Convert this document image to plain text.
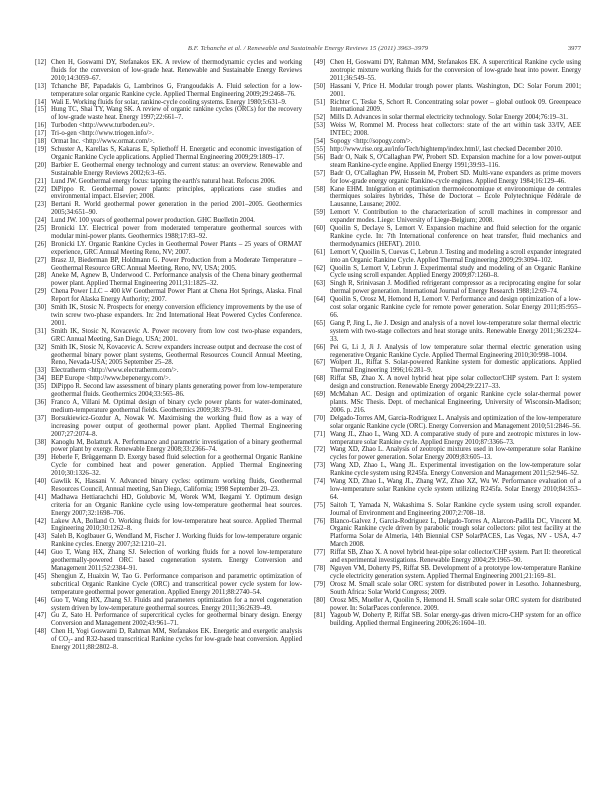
B.F. Tchanche et al. / Renewable and Sustainable Energy Reviews 15 (2011) 3963–3979	3977
[12] Chen H, Goswami DY, Stefanakos EK. A review of thermodynamic cycles and working fluids for the conversion of low-grade heat. Renewable and Sustainable Energy Reviews 2010;14:3059–67.
[13] Tchanche BF, Papadakis G, Lambrinos G, Frangoudakis A. Fluid selection for a low-temperature solar organic Rankine cycle. Applied Thermal Engineering 2009;29:2468–76.
[14] Wali E. Working fluids for solar, rankine-cycle cooling systems. Energy 1980;5:631–9.
[15] Hung TC, Shai TY, Wang SK. A review of organic rankine cycles (ORCs) for the recovery of low-grade waste heat. Energy 1997;22:661–7.
[16] Turboden <http://www.turboden.eu/>.
[17] Tri-o-gen <http://www.triogen.info/>.
[18] Ormat Inc. <http://www.ormat.com/>.
[19] Schuster A, Karellas S, Kakaras E, Spliethoff H. Energetic and economic investigation of Organic Rankine Cycle applications. Applied Thermal Engineering 2009;29:1809–17.
[20] Barbier E. Geothermal energy technology and current status: an overview. Renewable and Sustainable Energy Reviews 2002;6:3–65.
[21] Lund JW. Geothermal energy focus: tapping the earth's natural heat. Refocus 2006.
[22] DiPippo R. Geothermal power plants: principles, applications case studies and environmental impact. Elsevier; 2008.
[23] Bertani R. World geothermal power generation in the period 2001–2005. Geothermics 2005;34:651–90.
[24] Lund JW. 100 years of geothermal power production. GHC Buelletin 2004.
[25] Bronicki LY. Electrical power from moderated temperature geothermal sources with modular mini-power plants. Geothermics 1988;17:83–92.
[26] Bronicki LY. Organic Rankine Cycles in Geothermal Power Plants – 25 years of ORMAT experience, GRC Annual Meeting Reno, NV; 2007.
[27] Brasz JJ, Biederman BP, Holdmann G. Power Production from a Moderate Temperature – Geothermal Resource GRC Annual Meeting, Reno, NV, USA; 2005.
[28] Aneke M, Agnew B, Underwood C. Performance analysis of the Chena binary geothermal power plant. Applied Thermal Engineering 2011;31:1825–32.
[29] Chena Power LLC – 400 kW Geothermal Power Plant at Chena Hot Springs, Alaska. Final Report for Alaska Energy Authority; 2007.
[30] Smith IK, Stosic N. Prospects for energy conversion efficiency improvements by the use of twin screw two-phase expanders. In: 2nd International Heat Powered Cycles Conference. 2001.
[31] Smith IK, Stosic N, Kovacevic A. Power recovery from low cost two-phase expanders, GRC Annual Meeting, San Diego, USA; 2001.
[32] Smith IK, Stosic N, Kovacevic A. Screw expanders increase output and decrease the cost of geothermal binary power plant systems, Geothermal Resources Council Annual Meeting, Reno, Nevada-USA; 2005 September 25–28.
[33] Electratherm <http://www.electratherm.com/>.
[34] BEP Europe <http://www.bepenergy.com/>.
[35] DiPippo R. Second law assessment of binary plants generating power from low-temperature geothermal fluids. Geothermics 2004;33:565–86.
[36] Franco A, Villani M. Optimal design of binary cycle power plants for water-dominated, medium-temperature geothermal fields. Geothermics 2009;38:379–91.
[37] Borsukiewicz-Gozdur A, Nowak W. Maximising the working fluid flow as a way of increasing power output of geothermal power plant. Applied Thermal Engineering 2007;27:2074–8.
[38] Kanoglu M, Bolatturk A. Performance and parametric investigation of a binary geothermal power plant by exergy. Renewable Energy 2008;33:2366–74.
[39] Heberle F, Brüggemann D. Exergy based fluid selection for a geothermal Organic Rankine Cycle for combined heat and power generation. Applied Thermal Engineering 2010;30:1326–32.
[40] Gawlik K, Hassani V. Advanced binary cycles: optimum working fluids, Geothermal Resources Council, Annual meeting, San Diego, California; 1998 September 20–23.
[41] Madhawa Hettiarachchi HD, Golubovic M, Worek WM, Ikegami Y. Optimum design criteria for an Organic Rankine cycle using low-temperature geothermal heat sources. Energy 2007;32:1698–706.
[42] Lakew AA, Bolland O. Working fluids for low-temperature heat source. Applied Thermal Engineering 2010;30:1262–8.
[43] Saleh B, Koglbauer G, Wendland M, Fischer J. Working fluids for low-temperature organic Rankine cycles. Energy 2007;32:1210–21.
[44] Guo T, Wang HX, Zhang SJ. Selection of working fluids for a novel low-temperature geothermally-powered ORC based cogeneration system. Energy Conversion and Management 2011;52:2384–91.
[45] Shengjun Z, Huaixin W, Tao G. Performance comparison and parametric optimization of subcritical Organic Rankine Cycle (ORC) and transcritical power cycle system for low-temperature geothermal power generation. Applied Energy 2011;88:2740–54.
[46] Guo T, Wang HX, Zhang SJ. Fluids and parameters optimization for a novel cogeneration system driven by low-temperature geothermal sources. Energy 2011;36:2639–49.
[47] Gu Z, Sato H. Performance of supercritical cycles for geothermal binary design. Energy Conversion and Management 2002;43:961–71.
[48] Chen H, Yogi Goswami D, Rahman MM, Stefanakos EK. Energetic and exergetic analysis of CO₂- and R32-based transcritical Rankine cycles for low-grade heat conversion. Applied Energy 2011;88:2802–8.
[49] Chen H, Goswami DY, Rahman MM, Stefanakos EK. A supercritical Rankine cycle using zeotropic mixture working fluids for the conversion of low-grade heat into power. Energy 2011;36:549–55.
[50] Hassani V, Price H. Modular trough power plants. Washington, DC: Solar Forum 2001; 2001.
[51] Richter C, Teske S, Schort R. Concentrating solar power – global outlook 09. Greenpeace International 2009.
[52] Mills D. Advances in solar thermal electricity technology. Solar Energy 2004;76:19–31.
[53] Weiss W, Rommel M. Process heat collectors: state of the art within task 33/IV, AEE INTEC; 2008.
[54] Sopogy <http://sopogy.com/>.
[55] http://www.rise.org.au/info/Tech/hightemp/index.html/, last checked December 2010.
[56] Badr O, Naik S, O'Callaghan PW, Probert SD. Expansion machine for a low power-output steam Rankine-cycle engine. Applied Energy 1991;39:93–116.
[57] Badr O, O'Callaghan PW, Hussein M, Probert SD. Multi-vane expanders as prime movers for low-grade energy organic Rankine-cycle engines. Applied Energy 1984;16:129–46.
[58] Kane EHM. Intégration et optimisation thermoéconomique et environomique de centrales thermiques solaires hybrides, Thèse de Doctorat – Ecole Polytechnique Fédérale de Lausanne, Lausane; 2002.
[59] Lemort V. Contribution to the characterization of scroll machines in compressor and expander modes. Liege: University of Liege-Belgium; 2008.
[60] Quoilin S, Declaye S, Lemort V. Expansion machine and fluid selection for the organic Rankine cycle. In: 7th International conference on heat transfer, fluid mechanics and thermodynamics (HEFAT). 2010.
[61] Lemort V, Quoilin S, Cuevas C, Lebrun J. Testing and modeling a scroll expander integrated into an Organic Rankine Cycle. Applied Thermal Engineering 2009;29:3094–102.
[62] Quoilin S, Lemort V, Lebrun J. Experimental study and modeling of an Organic Rankine Cycle using scroll expander. Applied Energy 2009;87:1260–8.
[63] Singh R, Srinivasan J. Modified refrigerant compressor as a reciprocating engine for solar thermal power generation. International Journal of Energy Research 1988;12:69–74.
[64] Quoilin S, Orosz M, Hemond H, Lemort V. Performance and design optimization of a low-cost solar organic Rankine cycle for remote power generation. Solar Energy 2011;85:955–66.
[65] Gang P, Jing L, Jie J. Design and analysis of a novel low-temperature solar thermal electric system with two-stage collectors and heat storage units. Renewable Energy 2011;36:2324–33.
[66] Pei G, Li J, Ji J. Analysis of low temperature solar thermal electric generation using regenerative Organic Rankine Cycle. Applied Thermal Engineering 2010;30:998–1004.
[67] Wolpert JL, Riffat S. Solar-powered Rankine system for domestic applications. Applied Thermal Engineering 1996;16:281–9.
[68] Riffat SB, Zhao X. A novel hybrid heat pipe solar collector/CHP system. Part I: system design and construction. Renewable Energy 2004;29:2217–33.
[69] McMahan AC. Design and optimization of organic Rankine cycle solar-thermal power plants. MSc Thesis. Dept. of mechanical Engineering, University of Wisconsin-Madison; 2006. p. 216.
[70] Delgado-Torres AM, Garcia-Rodriguez L. Analysis and optimization of the low-temperature solar organic Rankine cycle (ORC). Energy Conversion and Management 2010;51:2846–56.
[71] Wang JL, Zhao L, Wang XD. A comparative study of pure and zeotropic mixtures in low-temperature solar Rankine cycle. Applied Energy 2010;87:3366–73.
[72] Wang XD, Zhao L. Analysis of zeotropic mixtures used in low-temperature solar Rankine cycles for power generation. Solar Energy 2009;83:605–13.
[73] Wang XD, Zhao L, Wang JL. Experimental investigation on the low-temperature solar Rankine cycle system using R245fa. Energy Conversion and Management 2011;52:946–52.
[74] Wang XD, Zhao L, Wang JL, Zhang WZ, Zhao XZ, Wu W. Performance evaluation of a low-temperature solar Rankine cycle system utilizing R245fa. Solar Energy 2010;84:353–64.
[75] Saitoh T, Yamada N, Wakashima S. Solar Rankine cycle system using scroll expander. Journal of Environment and Engineering 2007;2:708–18.
[76] Blanco-Galvez J, Garcia-Rodriguez L, Delgado-Torres A, Alarcon-Padilla DC, Vincent M. Organic Rankine cycle driven by parabolic trough solar collectors: pilot test facility at the Platforma Solar de Almeria, 14th Biennial CSP SolarPACES, Las Vegas, NV - USA, 4-7 March 2008.
[77] Riffat SB, Zhao X. A novel hybrid heat-pipe solar collector/CHP system. Part II: theoretical and experimental investigations. Renewable Energy 2004;29:1965–90.
[78] Nguyen VM, Doherty PS, Riffat SB. Development of a prototype low-temperature Rankine cycle electricity generation system. Applied Thermal Engineering 2001;21:169–81.
[79] Orosz M. Small scale solar ORC system for distributed power in Lesotho. Johannesburg, South Africa: Solar World Congress; 2009.
[80] Orosz MS, Mueller A, Quoilin S, Hemond H. Small scale solar ORC system for distributed power. In: SolarPaces conference. 2009.
[81] Yagoub W, Doherty P, Riffat SB. Solar energy-gas driven micro-CHP system for an office building. Applied thermal Engineering 2006;26:1604–10.
